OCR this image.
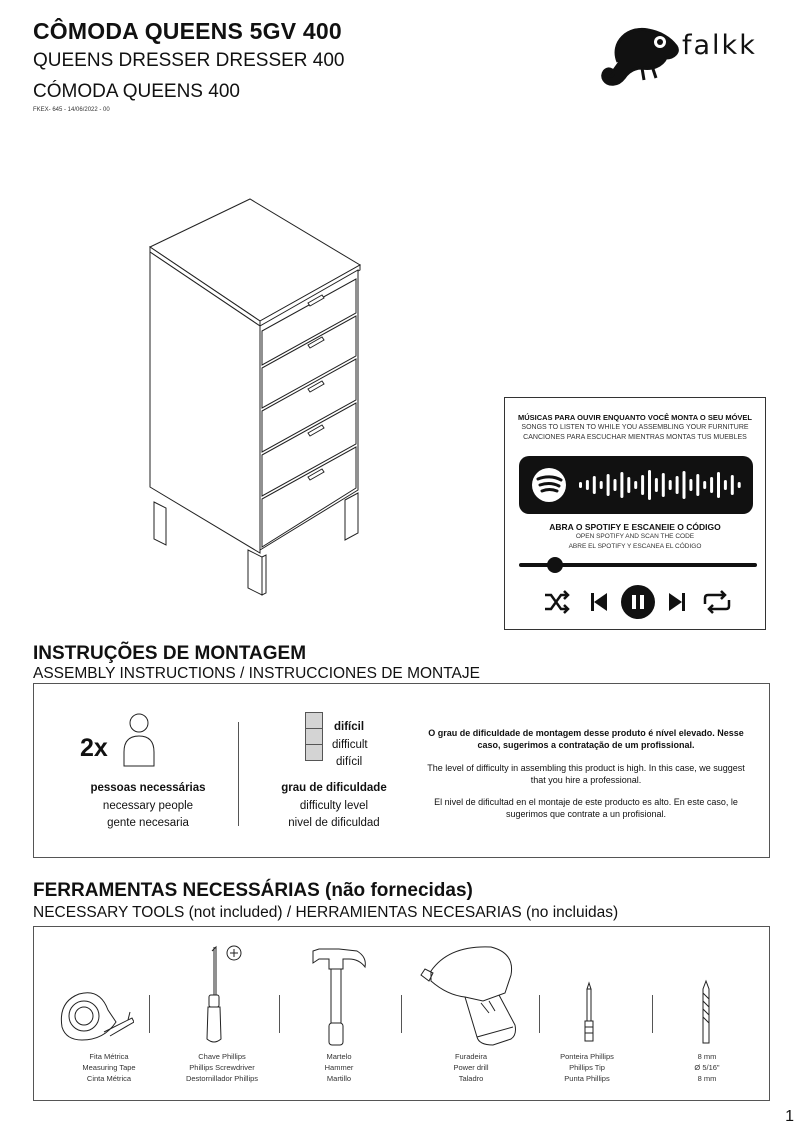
CÔMODA QUEENS 5GV 400
QUEENS DRESSER DRESSER 400
CÓMODA QUEENS 400
FKEX- 645 - 14/06/2022 - 00
falkk
MÚSICAS PARA OUVIR ENQUANTO VOCÊ MONTA O SEU MÓVEL
SONGS TO LISTEN TO WHILE YOU ASSEMBLING YOUR FURNITURE
CANCIONES PARA ESCUCHAR MIENTRAS MONTAS TUS MUEBLES
ABRA O SPOTIFY E ESCANEIE O CÓDIGO
OPEN SPOTIFY AND SCAN THE CODE
ABRE EL SPOTIFY Y ESCANEA EL CÓDIGO
INSTRUÇÕES DE MONTAGEM
ASSEMBLY INSTRUCTIONS / INSTRUCCIONES DE MONTAJE
2x
pessoas necessárias
necessary people
gente necesaria
difícil
difficult
difícil
grau de dificuldade
difficulty level
nivel de dificuldad
O grau de dificuldade de montagem desse produto é nível elevado. Nesse caso, sugerimos a contratação de um profissional.
The level of difficulty in assembling this product is high. In this case, we suggest that you hire a professional.
El nivel de dificultad en el montaje de este producto es alto. En este caso, le sugerimos que contrate a un profisional.
FERRAMENTAS NECESSÁRIAS (não fornecidas)
NECESSARY TOOLS (not included) / HERRAMIENTAS NECESARIAS (no incluidas)
Fita Métrica
Measuring Tape
Cinta Métrica
Chave Phillips
Phillips Screwdriver
Destornillador Phillips
Martelo
Hammer
Martillo
Furadeira
Power drill
Taladro
Ponteira Phillips
Phillips Tip
Punta Phillips
8 mm
Ø 5/16"
8 mm
1
